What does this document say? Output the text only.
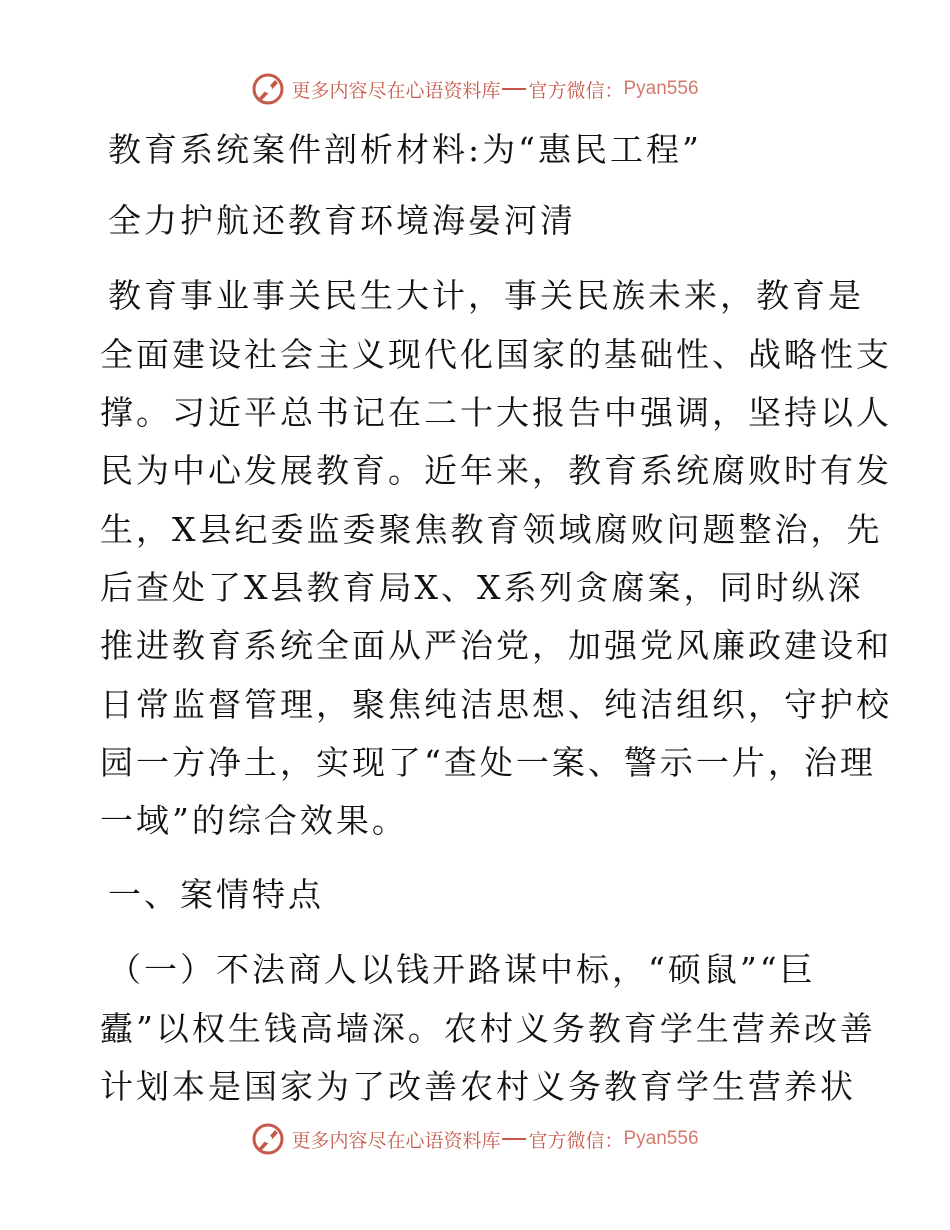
更多内容尽在心语资料库 官方微信： Pyan556
教育系统案件剖析材料:为“惠民工程”
全力护航还教育环境海晏河清
教育事业事关民生大计，事关民族未来，教育是
全面建设社会主义现代化国家的基础性、战略性支
撑。习近平总书记在二十大报告中强调，坚持以人
民为中心发展教育。近年来，教育系统腐败时有发
生，X县纪委监委聚焦教育领域腐败问题整治，先
后查处了X县教育局X、X系列贪腐案，同时纵深
推进教育系统全面从严治党，加强党风廉政建设和
日常监督管理，聚焦纯洁思想、纯洁组织，守护校
园一方净土，实现了“查处一案、警示一片，治理
一域”的综合效果。
一、案情特点
（一）不法商人以钱开路谋中标，“硕鼠”“巨
蠹”以权生钱高墙深。农村义务教育学生营养改善
计划本是国家为了改善农村义务教育学生营养状
更多内容尽在心语资料库 官方微信： Pyan556
